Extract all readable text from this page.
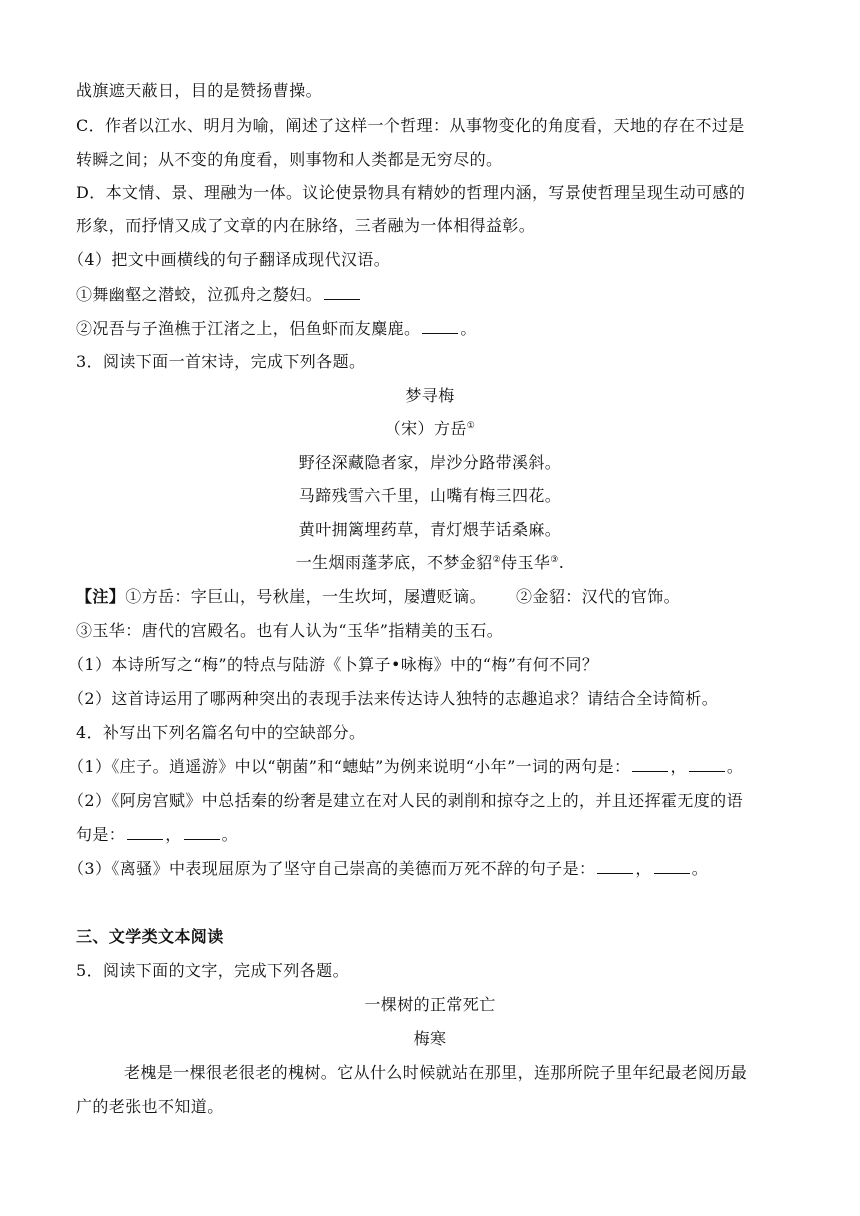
战旗遮天蔽日，目的是赞扬曹操。
C．作者以江水、明月为喻，阐述了这样一个哲理：从事物变化的角度看，天地的存在不过是
转瞬之间；从不变的角度看，则事物和人类都是无穷尽的。
D．本文情、景、理融为一体。议论使景物具有精妙的哲理内涵，写景使哲理呈现生动可感的
形象，而抒情又成了文章的内在脉络，三者融为一体相得益彰。
（4）把文中画横线的句子翻译成现代汉语。
①舞幽壑之潜蛟，泣孤舟之嫠妇。
②况吾与子渔樵于江渚之上，侣鱼虾而友麋鹿。	。
3．阅读下面一首宋诗，完成下列各题。
梦寻梅
（宋）方岳①
野径深藏隐者家，岸沙分路带溪斜。
马蹄残雪六千里，山嘴有梅三四花。
黄叶拥篱埋药草，青灯煨芋话桑麻。
一生烟雨蓬茅底，不梦金貂②侍玉华③.
【注】①方岳：字巨山，号秋崖，一生坎坷，屡遭贬谪。 ②金貂：汉代的官饰。
③玉华：唐代的宫殿名。也有人认为“玉华”指精美的玉石。
（1）本诗所写之“梅”的特点与陆游《卜算子•咏梅》中的“梅”有何不同？
（2）这首诗运用了哪两种突出的表现手法来传达诗人独特的志趣追求？请结合全诗简析。
4．补写出下列名篇名句中的空缺部分。
（1）《庄子。逍遥游》中以“朝菌”和“蟪蛄”为例来说明“小年”一词的两句是：	，	。
（2）《阿房宫赋》中总括秦的纷奢是建立在对人民的剥削和掠夺之上的，并且还挥霍无度的语
句是：	，	。
（3）《离骚》中表现屈原为了坚守自己崇高的美德而万死不辞的句子是：	，	。
三、文学类文本阅读
5．阅读下面的文字，完成下列各题。
一棵树的正常死亡
梅寒
老槐是一棵很老很老的槐树。它从什么时候就站在那里，连那所院子里年纪最老阅历最
广的老张也不知道。
